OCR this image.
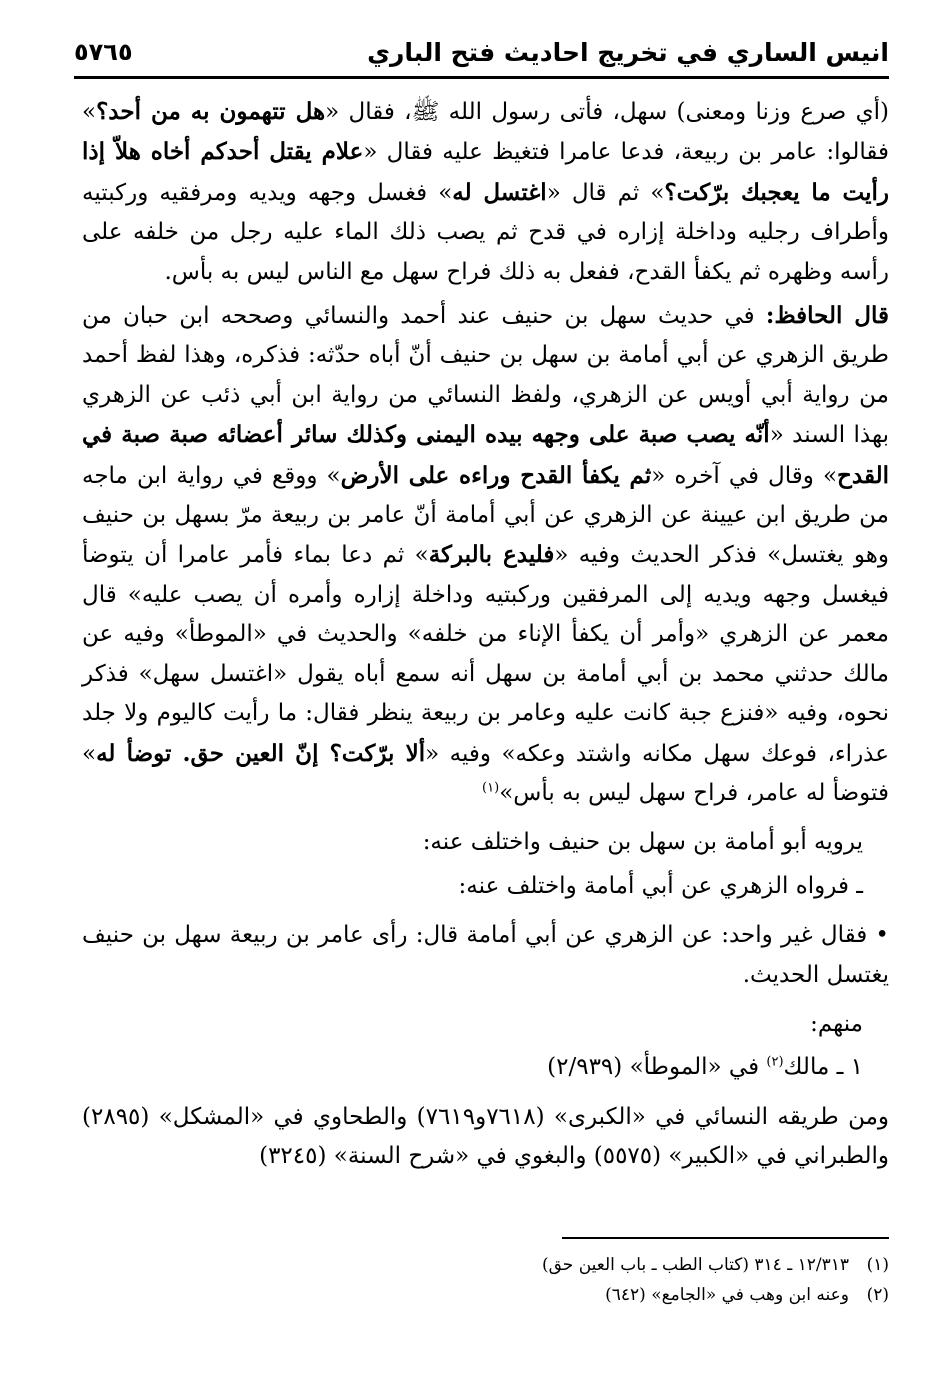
انيس الساري في تخريج احاديث فتح الباري
٥٧٦٥

(أي صرع وزنا ومعنى) سهل، فأتى رسول الله ﷺ، فقال «هل تتهمون به من أحد؟» فقالوا: عامر بن ربيعة، فدعا عامرا فتغيظ عليه فقال «علام يقتل أحدكم أخاه هلاّ إذا رأيت ما يعجبك برّكت؟» ثم قال «اغتسل له» فغسل وجهه ويديه ومرفقيه وركبتيه وأطراف رجليه وداخلة إزاره في قدح ثم يصب ذلك الماء عليه رجل من خلفه على رأسه وظهره ثم يكفأ القدح، ففعل به ذلك فراح سهل مع الناس ليس به بأس.

قال الحافظ: في حديث سهل بن حنيف عند أحمد والنسائي وصححه ابن حبان من طريق الزهري عن أبي أمامة بن سهل بن حنيف أنّ أباه حدّثه: فذكره، وهذا لفظ أحمد من رواية أبي أويس عن الزهري، ولفظ النسائي من رواية ابن أبي ذئب عن الزهري بهذا السند «أنّه يصب صبة على وجهه بيده اليمنى وكذلك سائر أعضائه صبة صبة في القدح» وقال في آخره «ثم يكفأ القدح وراءه على الأرض» ووقع في رواية ابن ماجه من طريق ابن عيينة عن الزهري عن أبي أمامة أنّ عامر بن ربيعة مرّ بسهل بن حنيف وهو يغتسل» فذكر الحديث وفيه «فليدع بالبركة» ثم دعا بماء فأمر عامرا أن يتوضأ فيغسل وجهه ويديه إلى المرفقين وركبتيه وداخلة إزاره وأمره أن يصب عليه» قال معمر عن الزهري «وأمر أن يكفأ الإناء من خلفه» والحديث في «الموطأ» وفيه عن مالك حدثني محمد بن أبي أمامة بن سهل أنه سمع أباه يقول «اغتسل سهل» فذكر نحوه، وفيه «فنزع جبة كانت عليه وعامر بن ربيعة ينظر فقال: ما رأيت كاليوم ولا جلد عذراء، فوعك سهل مكانه واشتد وعكه» وفيه «ألا برّكت؟ إنّ العين حق. توضأ له» فتوضأ له عامر، فراح سهل ليس به بأس»$^{(١)}$

يرويه أبو أمامة بن سهل بن حنيف واختلف عنه:

ـ فرواه الزهري عن أبي أمامة واختلف عنه:

• فقال غير واحد: عن الزهري عن أبي أمامة قال: رأى عامر بن ربيعة سهل بن حنيف يغتسل الحديث.

منهم:

١ ـ مالك$^{(٢)}$ في «الموطأ» (٢/٩٣٩)

ومن طريقه النسائي في «الكبرى» (٧٦١٨و٧٦١٩) والطحاوي في «المشكل» (٢٨٩٥) والطبراني في «الكبير» (٥٥٧٥) والبغوي في «شرح السنة» (٣٢٤٥)

(١)١٢/٣١٣ ـ ٣١٤ (كتاب الطب ـ باب العين حق)

(٢)وعنه ابن وهب في «الجامع» (٦٤٢)
